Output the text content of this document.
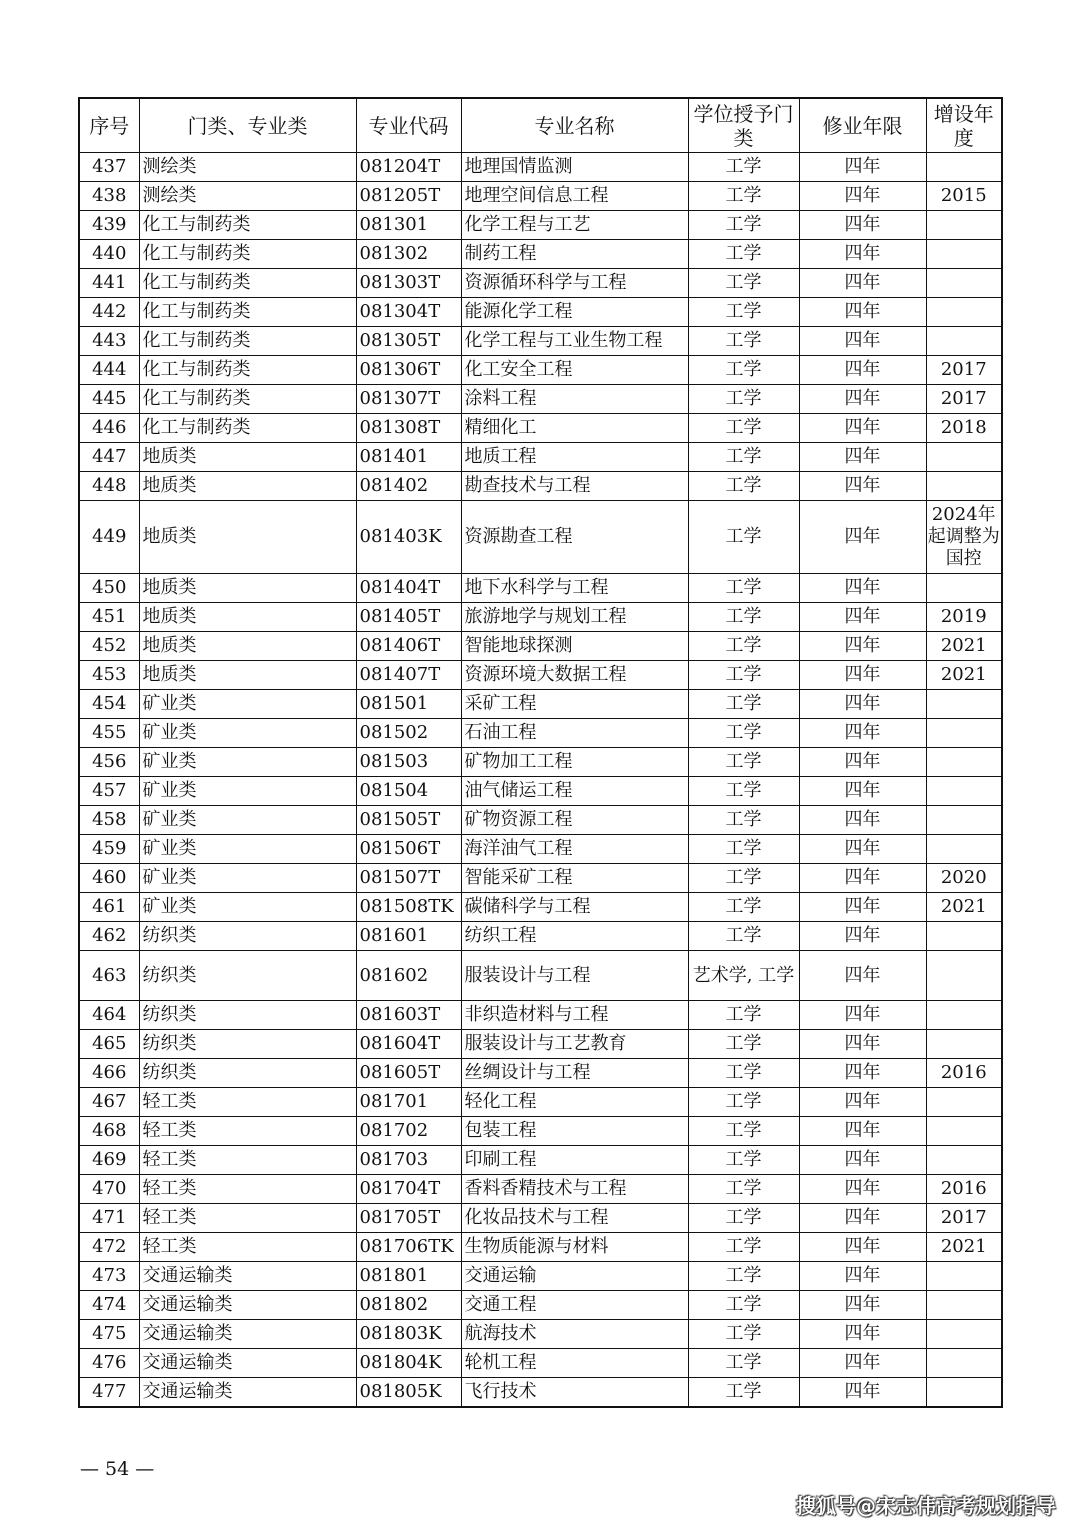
序号	门类、专业类	专业代码	专业名称	学位授予门类	修业年限	增设年度
437	测绘类	081204T	地理国情监测	工学	四年	
438	测绘类	081205T	地理空间信息工程	工学	四年	2015
439	化工与制药类	081301	化学工程与工艺	工学	四年	
440	化工与制药类	081302	制药工程	工学	四年	
441	化工与制药类	081303T	资源循环科学与工程	工学	四年	
442	化工与制药类	081304T	能源化学工程	工学	四年	
443	化工与制药类	081305T	化学工程与工业生物工程	工学	四年	
444	化工与制药类	081306T	化工安全工程	工学	四年	2017
445	化工与制药类	081307T	涂料工程	工学	四年	2017
446	化工与制药类	081308T	精细化工	工学	四年	2018
447	地质类	081401	地质工程	工学	四年	
448	地质类	081402	勘查技术与工程	工学	四年	
449	地质类	081403K	资源勘查工程	工学	四年	2024年起调整为国控
450	地质类	081404T	地下水科学与工程	工学	四年	
451	地质类	081405T	旅游地学与规划工程	工学	四年	2019
452	地质类	081406T	智能地球探测	工学	四年	2021
453	地质类	081407T	资源环境大数据工程	工学	四年	2021
454	矿业类	081501	采矿工程	工学	四年	
455	矿业类	081502	石油工程	工学	四年	
456	矿业类	081503	矿物加工工程	工学	四年	
457	矿业类	081504	油气储运工程	工学	四年	
458	矿业类	081505T	矿物资源工程	工学	四年	
459	矿业类	081506T	海洋油气工程	工学	四年	
460	矿业类	081507T	智能采矿工程	工学	四年	2020
461	矿业类	081508TK	碳储科学与工程	工学	四年	2021
462	纺织类	081601	纺织工程	工学	四年	
463	纺织类	081602	服装设计与工程	艺术学, 工学	四年	
464	纺织类	081603T	非织造材料与工程	工学	四年	
465	纺织类	081604T	服装设计与工艺教育	工学	四年	
466	纺织类	081605T	丝绸设计与工程	工学	四年	2016
467	轻工类	081701	轻化工程	工学	四年	
468	轻工类	081702	包装工程	工学	四年	
469	轻工类	081703	印刷工程	工学	四年	
470	轻工类	081704T	香料香精技术与工程	工学	四年	2016
471	轻工类	081705T	化妆品技术与工程	工学	四年	2017
472	轻工类	081706TK	生物质能源与材料	工学	四年	2021
473	交通运输类	081801	交通运输	工学	四年	
474	交通运输类	081802	交通工程	工学	四年	
475	交通运输类	081803K	航海技术	工学	四年	
476	交通运输类	081804K	轮机工程	工学	四年	
477	交通运输类	081805K	飞行技术	工学	四年	
— 54 —
搜狐号@宋志伟高考规划指导
